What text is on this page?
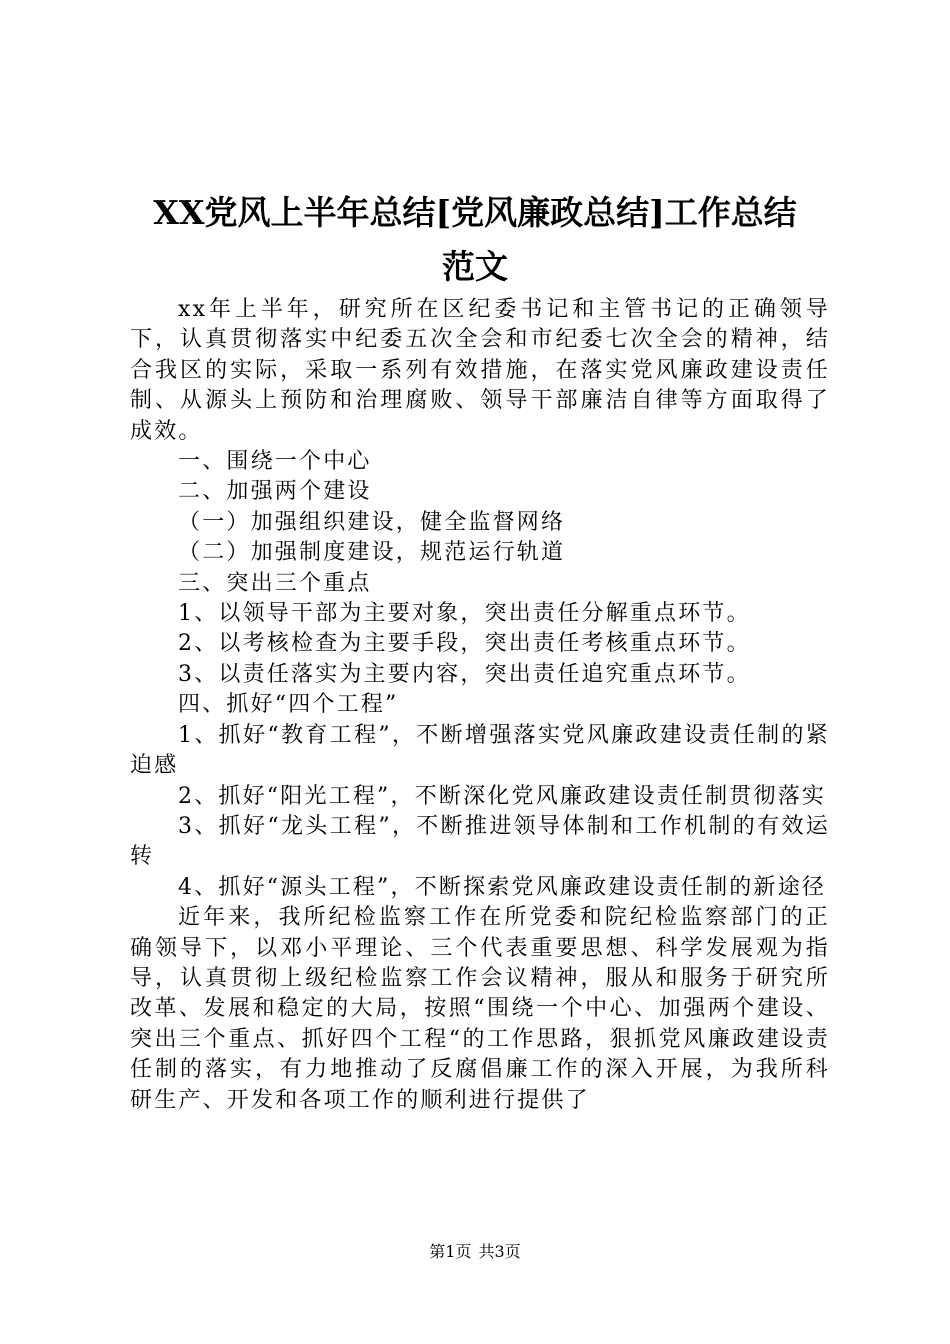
XX党风上半年总结[党风廉政总结]工作总结
范文

xx年上半年，研究所在区纪委书记和主管书记的正确领导下，认真贯彻落实中纪委五次全会和市纪委七次全会的精神，结合我区的实际，采取一系列有效措施，在落实党风廉政建设责任制、从源头上预防和治理腐败、领导干部廉洁自律等方面取得了成效。

一、围绕一个中心

二、加强两个建设

（一）加强组织建设，健全监督网络

（二）加强制度建设，规范运行轨道

三、突出三个重点

1、以领导干部为主要对象，突出责任分解重点环节。

2、以考核检查为主要手段，突出责任考核重点环节。

3、以责任落实为主要内容，突出责任追究重点环节。

四、抓好“四个工程”

1、抓好“教育工程”，不断增强落实党风廉政建设责任制的紧迫感

2、抓好“阳光工程”，不断深化党风廉政建设责任制贯彻落实

3、抓好“龙头工程”，不断推进领导体制和工作机制的有效运转

4、抓好“源头工程”，不断探索党风廉政建设责任制的新途径

近年来，我所纪检监察工作在所党委和院纪检监察部门的正确领导下，以邓小平理论、三个代表重要思想、科学发展观为指导，认真贯彻上级纪检监察工作会议精神，服从和服务于研究所改革、发展和稳定的大局，按照“围绕一个中心、加强两个建设、突出三个重点、抓好四个工程“的工作思路，狠抓党风廉政建设责任制的落实，有力地推动了反腐倡廉工作的深入开展，为我所科研生产、开发和各项工作的顺利进行提供了

第1页 共3页
